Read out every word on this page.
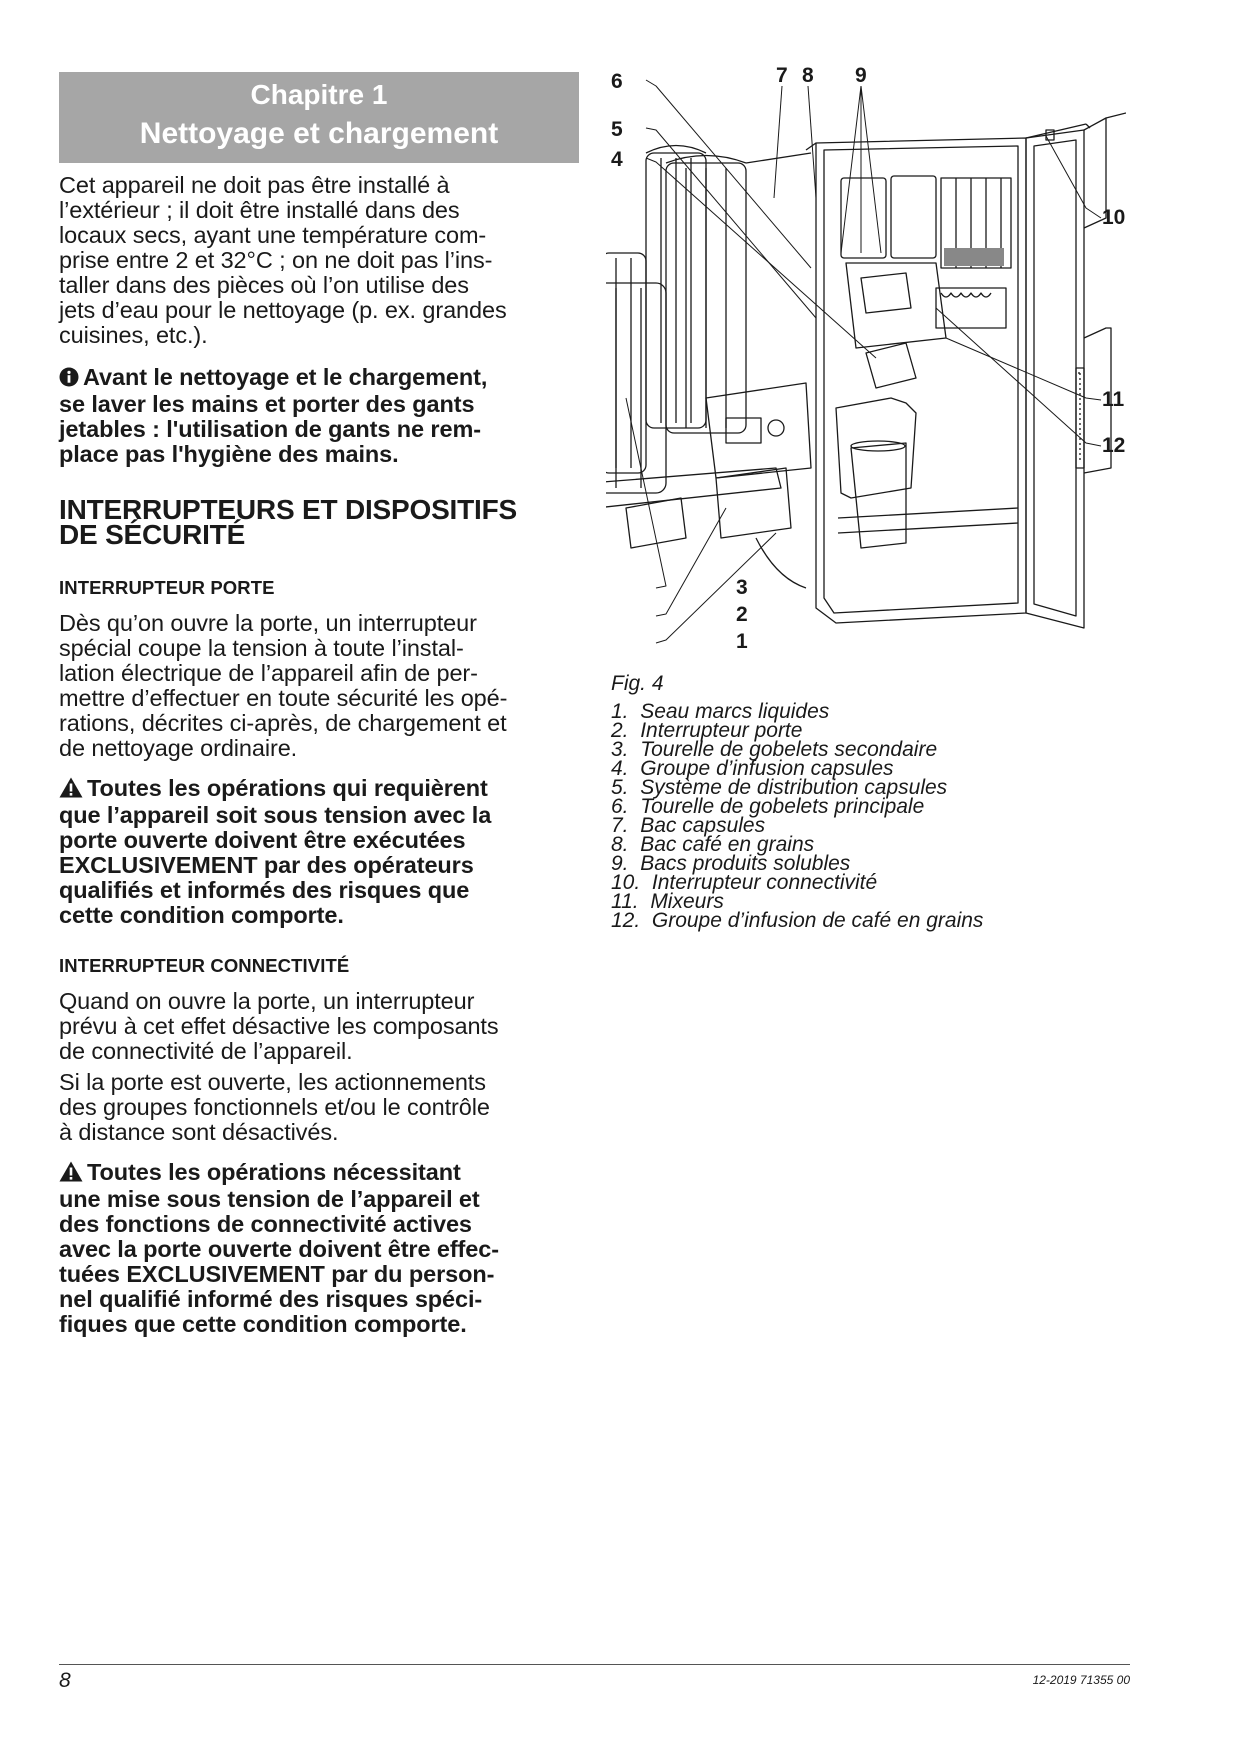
Chapitre 1
Nettoyage et chargement
Cet appareil ne doit pas être installé à
l’extérieur ; il doit être installé dans des
locaux secs, ayant une température com-
prise entre 2 et 32°C ; on ne doit pas l’ins-
taller dans des pièces où l’on utilise des
jets d’eau pour le nettoyage (p. ex. grandes
cuisines, etc.).
Avant le nettoyage et le chargement,
se laver les mains et porter des gants
jetables : l'utilisation de gants ne rem-
place pas l'hygiène des mains.
INTERRUPTEURS ET DISPOSITIFS
DE SÉCURITÉ
INTERRUPTEUR PORTE
Dès qu’on ouvre la porte, un interrupteur
spécial coupe la tension à toute l’instal-
lation électrique de l’appareil afin de per-
mettre d’effectuer en toute sécurité les opé-
rations, décrites ci-après, de chargement et
de nettoyage ordinaire.
Toutes les opérations qui requièrent
que l’appareil soit sous tension avec la
porte ouverte doivent être exécutées
EXCLUSIVEMENT par des opérateurs
qualifiés et informés des risques que
cette condition comporte.
INTERRUPTEUR CONNECTIVITÉ
Quand on ouvre la porte, un interrupteur
prévu à cet effet désactive les composants
de connectivité de l’appareil.
Si la porte est ouverte, les actionnements
des groupes fonctionnels et/ou le contrôle
à distance sont désactivés.
Toutes les opérations nécessitant
une mise sous tension de l’appareil et
des fonctions de connectivité actives
avec la porte ouverte doivent être effec-
tuées EXCLUSIVEMENT par du person-
nel qualifié informé des risques spéci-
fiques que cette condition comporte.
6	7 8 9
5
4
10
11
12
3
2
1
Fig. 4
1. Seau marcs liquides
2. Interrupteur porte
3. Tourelle de gobelets secondaire
4. Groupe d’infusion capsules
5. Système de distribution capsules
6. Tourelle de gobelets principale
7. Bac capsules
8. Bac café en grains
9. Bacs produits solubles
10. Interrupteur connectivité
11. Mixeurs
12. Groupe d’infusion de café en grains
8	12-2019 71355 00
